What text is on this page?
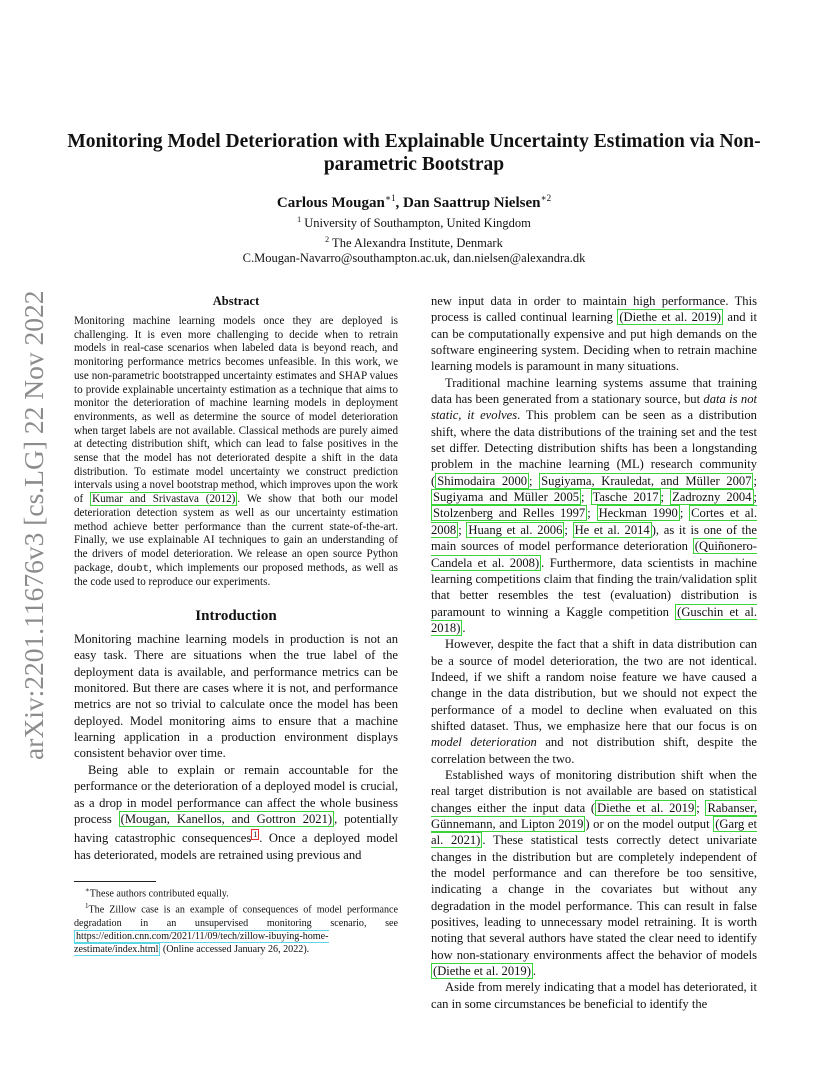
Monitoring Model Deterioration with Explainable Uncertainty Estimation via Non-parametric Bootstrap
Carlous Mougan$^{∗1}$, Dan Saattrup Nielsen$^{∗2}$
$^1$ University of Southampton, United Kingdom
$^2$ The Alexandra Institute, Denmark
C.Mougan-Navarro@southampton.ac.uk, dan.nielsen@alexandra.dk
arXiv:2201.11676v3 [cs.LG] 22 Nov 2022	Abstract

Monitoring machine learning models once they are deployed is challenging. It is even more challenging to decide when to retrain models in real-case scenarios when labeled data is beyond reach, and monitoring performance metrics becomes unfeasible. In this work, we use non-parametric bootstrapped uncertainty estimates and SHAP values to provide explainable uncertainty estimation as a technique that aims to monitor the deterioration of machine learning models in deployment environments, as well as determine the source of model deterioration when target labels are not available. Classical methods are purely aimed at detecting distribution shift, which can lead to false positives in the sense that the model has not deteriorated despite a shift in the data distribution. To estimate model uncertainty we construct prediction intervals using a novel bootstrap method, which improves upon the work of Kumar and Srivastava (2012) . We show that both our model deterioration detection system as well as our uncertainty estimation method achieve better performance than the current state-of-the-art. Finally, we use explainable AI techniques to gain an understanding of the drivers of model deterioration. We release an open source Python package, doubt, which implements our proposed methods, as well as the code used to reproduce our experiments.

Introduction

Monitoring machine learning models in production is not an easy task. There are situations when the true label of the deployment data is available, and performance metrics can be monitored. But there are cases where it is not, and performance metrics are not so trivial to calculate once the model has been deployed. Model monitoring aims to ensure that a machine learning application in a production environment displays consistent behavior over time.

Being able to explain or remain accountable for the performance or the deterioration of a deployed model is crucial, as a drop in model performance can affect the whole business process (Mougan, Kanellos, and Gottron 2021) , potentially having catastrophic consequences $^1$ . Once a deployed model has deteriorated, models are retrained using previous and

∗These authors contributed equally.

$^1$The Zillow case is an example of consequences of model performance degradation in an unsupervised monitoring scenario, see https://edition.cnn.com/2021/11/09/tech/zillow-ibuying-home-zestimate/index.html (Online accessed January 26, 2022).

new input data in order to maintain high performance. This process is called continual learning (Diethe et al. 2019) and it can be computationally expensive and put high demands on the software engineering system. Deciding when to retrain machine learning models is paramount in many situations.

Traditional machine learning systems assume that training data has been generated from a stationary source, but data is not static, it evolves. This problem can be seen as a distribution shift, where the data distributions of the training set and the test set differ. Detecting distribution shifts has been a longstanding problem in the machine learning (ML) research community ( Shimodaira 2000 ; Sugiyama, Krauledat, and Müller 2007 ; Sugiyama and Müller 2005 ; Tasche 2017 ; Zadrozny 2004 ; Stolzenberg and Relles 1997 ; Heckman 1990 ; Cortes et al. 2008 ; Huang et al. 2006 ; He et al. 2014 ), as it is one of the main sources of model performance deterioration (Quiñonero-Candela et al. 2008) . Furthermore, data scientists in machine learning competitions claim that finding the train/validation split that better resembles the test (evaluation) distribution is paramount to winning a Kaggle competition (Guschin et al. 2018) .

However, despite the fact that a shift in data distribution can be a source of model deterioration, the two are not identical. Indeed, if we shift a random noise feature we have caused a change in the data distribution, but we should not expect the performance of a model to decline when evaluated on this shifted dataset. Thus, we emphasize here that our focus is on model deterioration and not distribution shift, despite the correlation between the two.

Established ways of monitoring distribution shift when the real target distribution is not available are based on statistical changes either the input data ( Diethe et al. 2019 ; Rabanser, Günnemann, and Lipton 2019 ) or on the model output (Garg et al. 2021) . These statistical tests correctly detect univariate changes in the distribution but are completely independent of the model performance and can therefore be too sensitive, indicating a change in the covariates but without any degradation in the model performance. This can result in false positives, leading to unnecessary model retraining. It is worth noting that several authors have stated the clear need to identify how non-stationary environments affect the behavior of models (Diethe et al. 2019) .

Aside from merely indicating that a model has deteriorated, it can in some circumstances be beneficial to identify the
